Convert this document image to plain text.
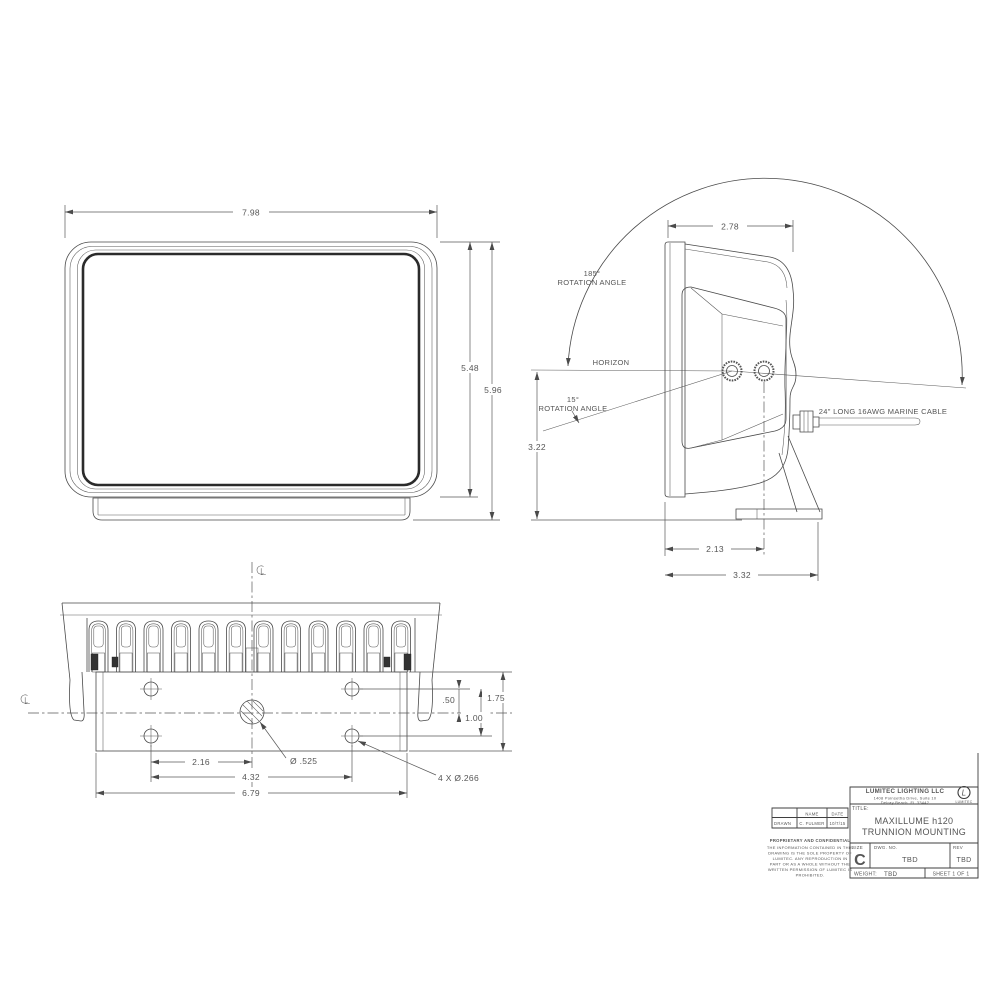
7.98
5.48
5.96
2.78
3.22
2.13
3.32
185°
ROTATION ANGLE
HORIZON
15°
ROTATION ANGLE	24" LONG 16AWG MARINE CABLE
2.16
4.32
6.79
Ø .525
4 X Ø.266
.50
1.00
1.75
LUMITEC LIGHTING LLC
1408 Poinsettia Drive, Suite 10
Delray Beach, FL 33442
L
LUMITEC
TITLE:
MAXILLUME h120
TRUNNION MOUNTING
SIZE
C
DWG. NO.
TBD
REV
TBD
WEIGHT: TBD	SHEET 1 OF 1
NAME	DATE
DRAWN C. FULMER 10/7/15
PROPRIETARY AND CONFIDENTIAL
THE INFORMATION CONTAINED IN THIS
DRAWING IS THE SOLE PROPERTY OF
LUMITEC. ANY REPRODUCTION IN
PART OR AS A WHOLE WITHOUT THE
WRITTEN PERMISSION OF LUMITEC IS
PROHIBITED.
